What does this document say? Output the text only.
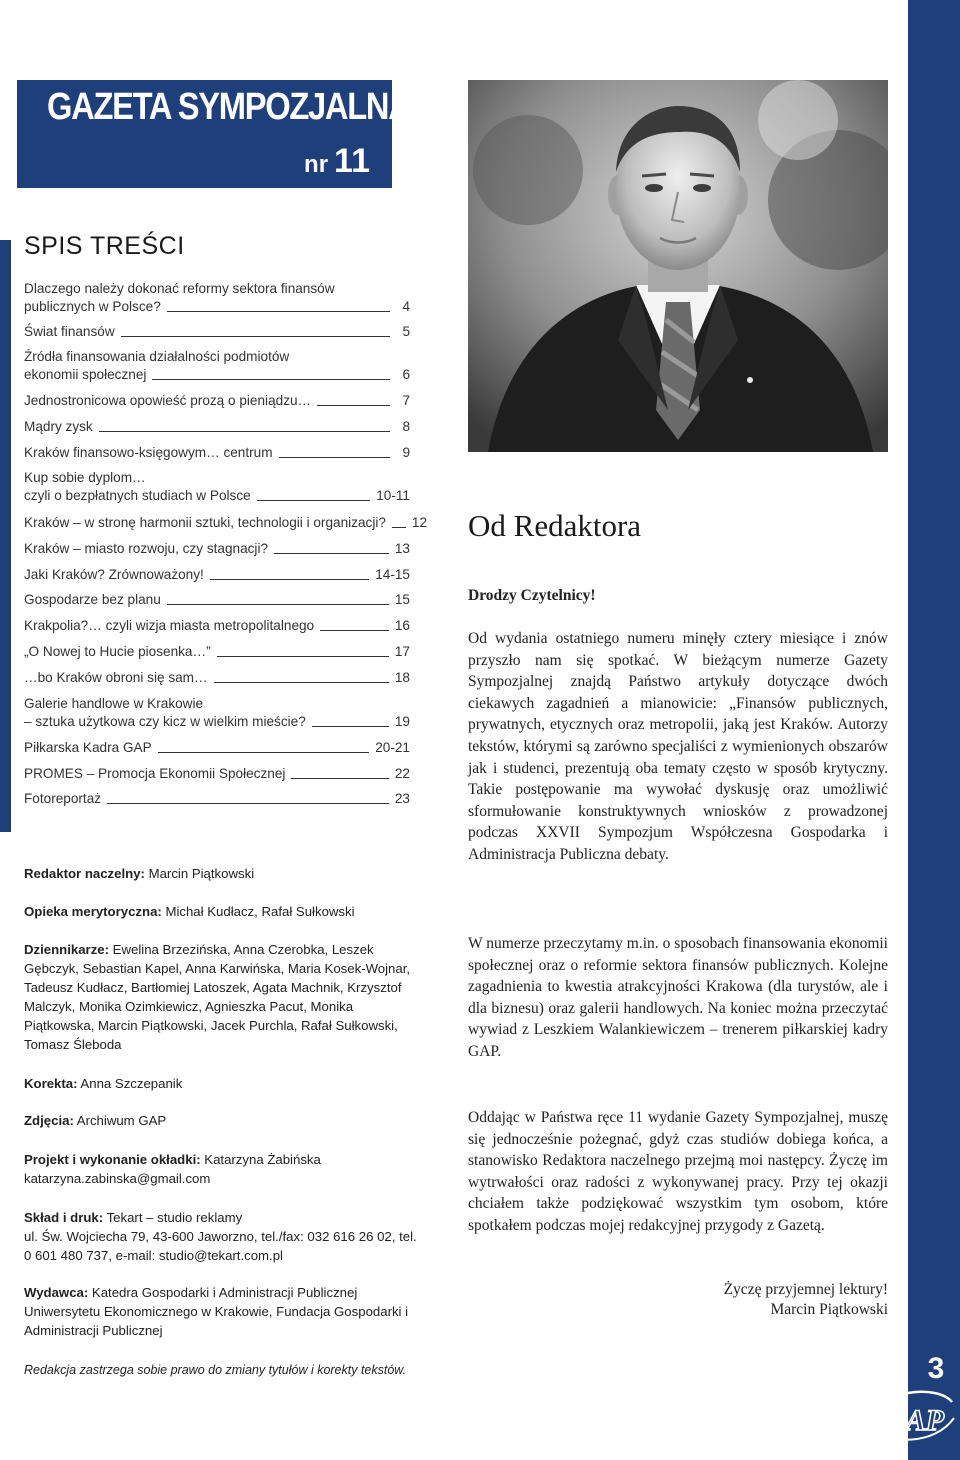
3
GAP
GAZETA SYMPOZJALNA
nr 11
SPIS TREŚCI
Dlaczego należy dokonać reformy sektora finansów
publicznych w Polsce?	4
Świat finansów	5
Źródła finansowania działalności podmiotów
ekonomii społecznej	6
Jednostronicowa opowieść prozą o pieniądzu…	7
Mądry zysk	8
Kraków finansowo-księgowym… centrum	9
Kup sobie dyplom…
czyli o bezpłatnych studiach w Polsce	10-11
Kraków – w stronę harmonii sztuki, technologii i organizacji? 12
Kraków – miasto rozwoju, czy stagnacji?	13
Jaki Kraków? Zrównoważony!	14-15
Gospodarze bez planu	15
Krakpolia?… czyli wizja miasta metropolitalnego	16
„O Nowej to Hucie piosenka…”	17
…bo Kraków obroni się sam…	18
Galerie handlowe w Krakowie
– sztuka użytkowa czy kicz w wielkim mieście?	19
Piłkarska Kadra GAP	20-21
PROMES – Promocja Ekonomii Społecznej	22
Fotoreportaż	23
Redaktor naczelny: Marcin Piątkowski
Opieka merytoryczna: Michał Kudłacz, Rafał Sułkowski
Dziennikarze: Ewelina Brzezińska, Anna Czerobka, Leszek Gębczyk, Sebastian Kapel, Anna Karwińska, Maria Kosek-Wojnar, Tadeusz Kudłacz, Bartłomiej Latoszek, Agata Machnik, Krzysztof Malczyk, Monika Ozimkiewicz, Agnieszka Pacut, Monika Piątkowska, Marcin Piątkowski, Jacek Purchla, Rafał Sułkowski, Tomasz Śleboda
Korekta: Anna Szczepanik
Zdjęcia: Archiwum GAP
Projekt i wykonanie okładki: Katarzyna Żabińska
katarzyna.zabinska@gmail.com
Skład i druk: Tekart – studio reklamy
ul. Św. Wojciecha 79, 43-600 Jaworzno, tel./fax: 032 616 26 02, tel. 0 601 480 737, e-mail: studio@tekart.com.pl
Wydawca: Katedra Gospodarki i Administracji Publicznej Uniwersytetu Ekonomicznego w Krakowie, Fundacja Gospodarki i Administracji Publicznej
Redakcja zastrzega sobie prawo do zmiany tytułów i korekty tekstów.
Od Redaktora
Drodzy Czytelnicy!
Od wydania ostatniego numeru minęły cztery miesiące i znów przyszło nam się spotkać. W bieżącym numerze Gazety Sympozjalnej znajdą Państwo artykuły dotyczące dwóch ciekawych zagadnień a mianowicie: „Finansów publicznych, prywatnych, etycznych oraz metropolii, jaką jest Kraków. Autorzy tekstów, którymi są zarówno specjaliści z wymienionych obszarów jak i studenci, prezentują oba tematy często w sposób krytyczny. Takie postępowanie ma wywołać dyskusję oraz umożliwić sformułowanie konstruktywnych wniosków z prowadzonej podczas XXVII Sympozjum Współczesna Gospodarka i Administracja Publiczna debaty.
W numerze przeczytamy m.in. o sposobach finansowania ekonomii społecznej oraz o reformie sektora finansów publicznych. Kolejne zagadnienia to kwestia atrakcyjności Krakowa (dla turystów, ale i dla biznesu) oraz galerii handlowych. Na koniec można przeczytać wywiad z Leszkiem Walankiewiczem – trenerem piłkarskiej kadry GAP.
Oddając w Państwa ręce 11 wydanie Gazety Sympozjalnej, muszę się jednocześnie pożegnać, gdyż czas studiów dobiega końca, a stanowisko Redaktora naczelnego przejmą moi następcy. Życzę im wytrwałości oraz radości z wykonywanej pracy. Przy tej okazji chciałem także podziękować wszystkim tym osobom, które spotkałem podczas mojej redakcyjnej przygody z Gazetą.
Życzę przyjemnej lektury!
Marcin Piątkowski
